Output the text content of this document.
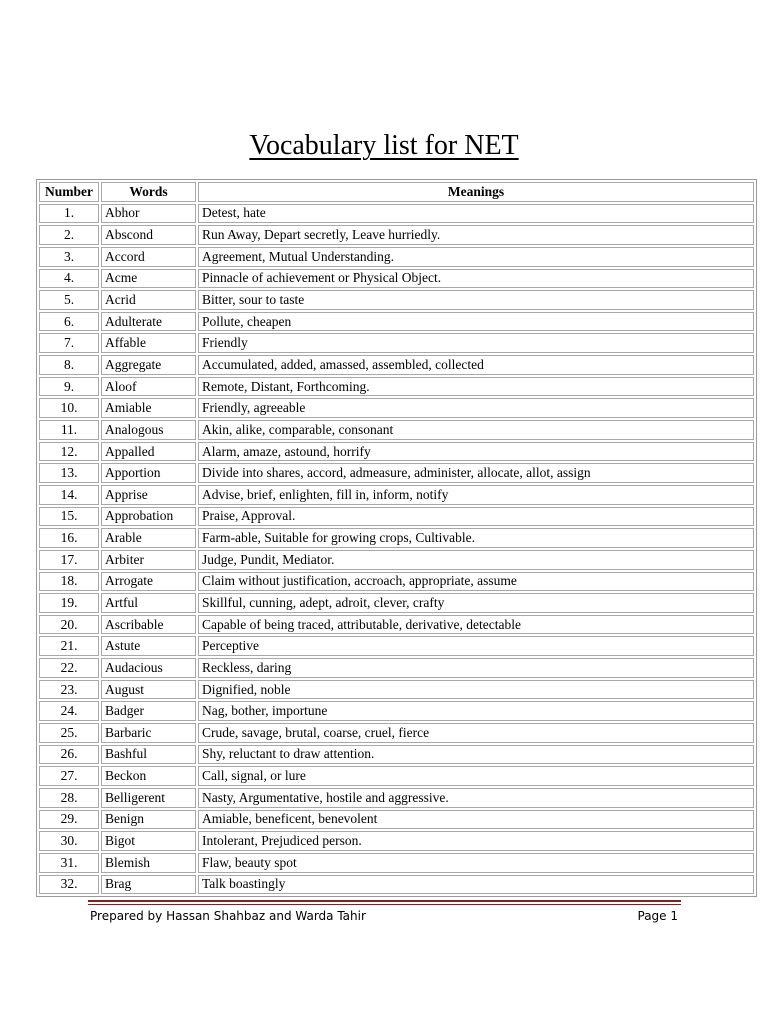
Vocabulary list for NET
Number	Words	Meanings
1.	Abhor	Detest, hate
2.	Abscond	Run Away, Depart secretly, Leave hurriedly.
3.	Accord	Agreement, Mutual Understanding.
4.	Acme	Pinnacle of achievement or Physical Object.
5.	Acrid	Bitter, sour to taste
6.	Adulterate	Pollute, cheapen
7.	Affable	Friendly
8.	Aggregate	Accumulated, added, amassed, assembled, collected
9.	Aloof	Remote, Distant, Forthcoming.
10.	Amiable	Friendly, agreeable
11.	Analogous	Akin, alike, comparable, consonant
12.	Appalled	Alarm, amaze, astound, horrify
13.	Apportion	Divide into shares, accord, admeasure, administer, allocate, allot, assign
14.	Apprise	Advise, brief, enlighten, fill in, inform, notify
15.	Approbation	Praise, Approval.
16.	Arable	Farm-able, Suitable for growing crops, Cultivable.
17.	Arbiter	Judge, Pundit, Mediator.
18.	Arrogate	Claim without justification, accroach, appropriate, assume
19.	Artful	Skillful, cunning, adept, adroit, clever, crafty
20.	Ascribable	Capable of being traced, attributable, derivative, detectable
21.	Astute	Perceptive
22.	Audacious	Reckless, daring
23.	August	Dignified, noble
24.	Badger	Nag, bother, importune
25.	Barbaric	Crude, savage, brutal, coarse, cruel, fierce
26.	Bashful	Shy, reluctant to draw attention.
27.	Beckon	Call, signal, or lure
28.	Belligerent	Nasty, Argumentative, hostile and aggressive.
29.	Benign	Amiable, beneficent, benevolent
30.	Bigot	Intolerant, Prejudiced person.
31.	Blemish	Flaw, beauty spot
32.	Brag	Talk boastingly
Prepared by Hassan Shahbaz and Warda Tahir	Page 1
